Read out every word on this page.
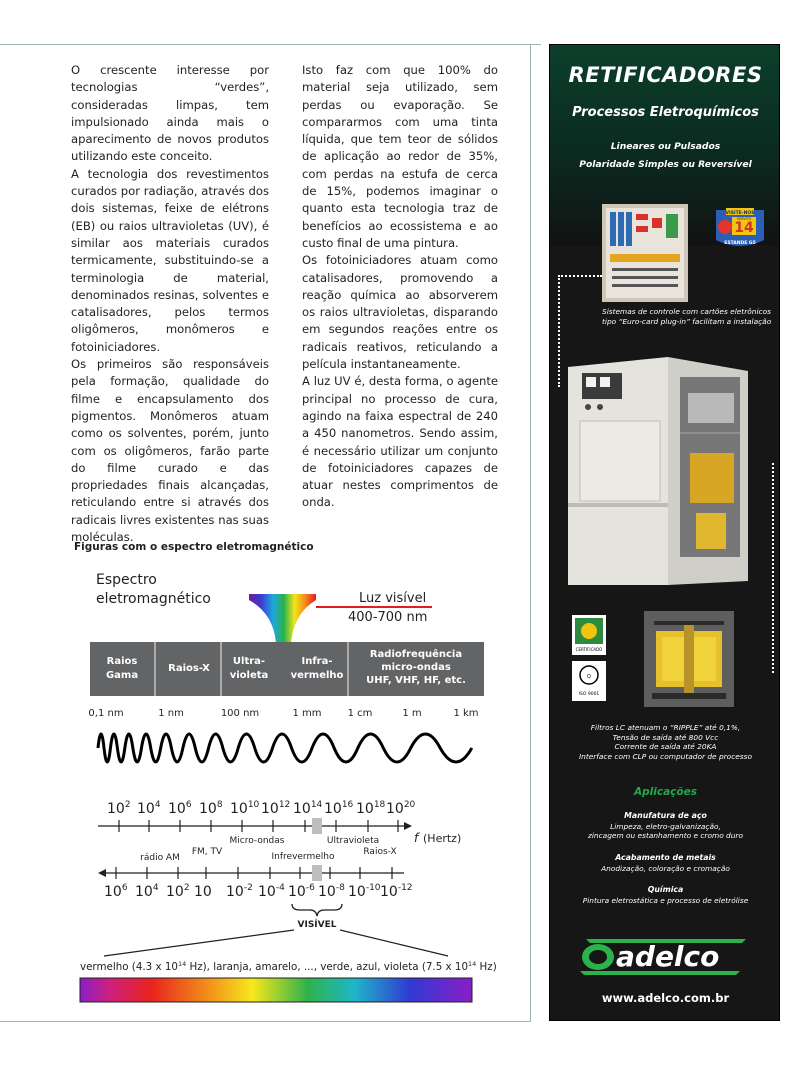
O crescente interesse por tecnologias “verdes”, consideradas limpas, tem impulsionado ainda mais o aparecimento de novos produtos utilizando este conceito.

A tecnologia dos revestimentos curados por radiação, através dos dois sistemas, feixe de elétrons (EB) ou raios ultravioletas (UV), é similar aos materiais curados termicamente, substituindo-se a terminologia de material, denominados resinas, solventes e catalisadores, pelos termos oligômeros, monômeros e fotoiniciadores.

Os primeiros são responsáveis pela formação, qualidade do filme e encapsulamento dos pigmentos. Monômeros atuam como os solventes, porém, junto com os oligômeros, farão parte do filme curado e das propriedades finais alcançadas, reticulando entre si através dos radicais livres existentes nas suas moléculas.

Isto faz com que 100% do material seja utilizado, sem perdas ou evaporação. Se compararmos com uma tinta líquida, que tem teor de sólidos de aplicação ao redor de 35%, com perdas na estufa de cerca de 15%, podemos imaginar o quanto esta tecnologia traz de benefícios ao ecossistema e ao custo final de uma pintura.

Os fotoiniciadores atuam como catalisadores, promovendo a reação química ao absorverem os raios ultravioletas, disparando em segundos reações entre os radicais reativos, reticulando a película instantaneamente.

A luz UV é, desta forma, o agente principal no processo de cura, agindo na faixa espectral de 240 a 450 nanometros. Sendo assim, é necessário utilizar um conjunto de fotoiniciadores capazes de atuar nestes comprimentos de onda.

Figuras com o espectro eletromagnético
Espectro
eletromagnético	Luz visível
400-700 nm
Raios
Gama
Raios-X
Ultra-
violeta
Infra-
vermelho
Radiofrequência
micro-ondas
UHF, VHF, HF, etc.
0,1 nm	1 nm	100 nm	1 mm	1 cm	1 m	1 km
$10^2$ $10^4$ $10^6$ $10^8$ $10^{10}$ $10^{12}$ $10^{14}$ $10^{16}$ $10^{18}$ $10^{20}$
f (Hertz)
Micro-ondas	Ultravioleta
rádio AM
FM, TV	Infrevermelho	Raios-X
$10^6$ $10^4$ $10^2$ 10 $10^{-2}$ $10^{-4}$ $10^{-6}$ $10^{-8}$ $10^{-10}$ $10^{-12}$
VISÍVEL
vermelho (4.3 x $10^{14}$ Hz), laranja, amarelo, ..., verde, azul, violeta (7.5 x $10^{14}$ Hz)
RETIFICADORES
Processos Eletroquímicos
Lineares ou Pulsados
Polaridade Simples ou Reversível
VISITE-NOS
14
SERVITS
ESTANDE G5
Sistemas de controle com cartões eletrônicos tipo “Euro-card plug-in” facilitam a instalação
CERTIFICADO
Q
ISO 9001
Filtros LC atenuam o “RIPPLE” até 0,1%,
Tensão de saída até 800 Vcc
Corrente de saída até 20KA
Interface com CLP ou computador de processo
Aplicações
Manufatura de aço
Limpeza, eletro-galvanização,
zincagem ou estanhamento e cromo duro
Acabamento de metais
Anodização, coloração e cromação
Química
Pintura eletrostática e processo de eletrólise
adelco
www.adelco.com.br
